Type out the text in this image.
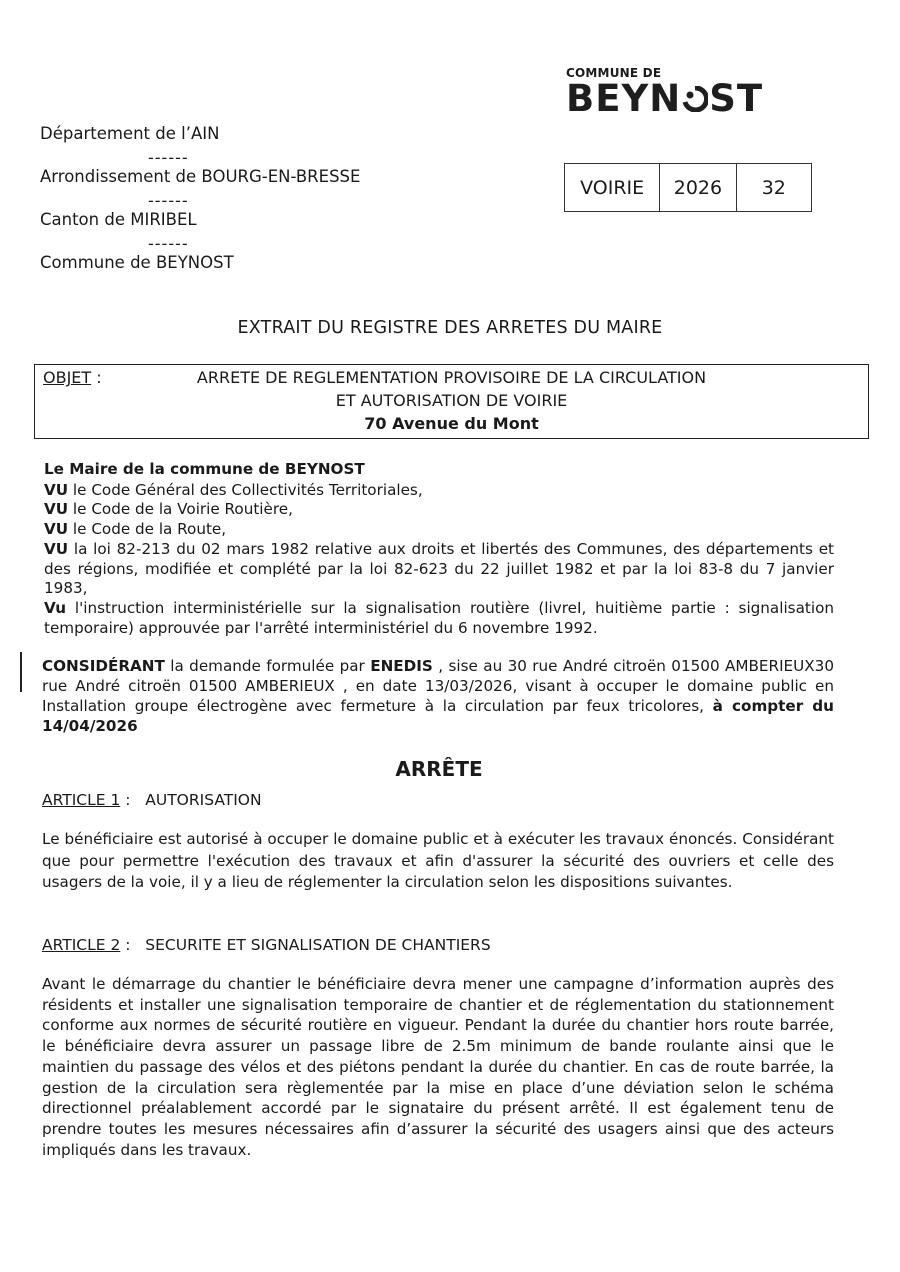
COMMUNE DE
BEYN ST
Département de l’AIN
------
Arrondissement de BOURG-EN-BRESSE
------
Canton de MIRIBEL
------
Commune de BEYNOST
VOIRIE	2026	32
EXTRAIT DU REGISTRE DES ARRETES DU MAIRE
OBJET :	ARRETE DE REGLEMENTATION PROVISOIRE DE LA CIRCULATION
ET AUTORISATION DE VOIRIE
70 Avenue du Mont
Le Maire de la commune de BEYNOST
VU le Code Général des Collectivités Territoriales,
VU le Code de la Voirie Routière,
VU le Code de la Route,
VU la loi 82-213 du 02 mars 1982 relative aux droits et libertés des Communes, des départements et des régions, modifiée et complété par la loi 82-623 du 22 juillet 1982 et par la loi 83-8 du 7 janvier 1983,
Vu l'instruction interministérielle sur la signalisation routière (livreI, huitième partie : signalisation temporaire) approuvée par l'arrêté interministériel du 6 novembre 1992.
CONSIDÉRANT la demande formulée par ENEDIS , sise au 30 rue André citroën 01500 AMBERIEUX30 rue André citroën 01500 AMBERIEUX , en date 13/03/2026, visant à occuper le domaine public en Installation groupe électrogène avec fermeture à la circulation par feux tricolores, à compter du 14/04/2026
ARRÊTE
ARTICLE 1 :   AUTORISATION
Le bénéficiaire est autorisé à occuper le domaine public et à exécuter les travaux énoncés. Considérant que pour permettre l'exécution des travaux et afin d'assurer la sécurité des ouvriers et celle des usagers de la voie, il y a lieu de réglementer la circulation selon les dispositions suivantes.
ARTICLE 2 :   SECURITE ET SIGNALISATION DE CHANTIERS
Avant le démarrage du chantier le bénéficiaire devra mener une campagne d’information auprès des résidents et installer une signalisation temporaire de chantier et de réglementation du stationnement conforme aux normes de sécurité routière en vigueur. Pendant la durée du chantier hors route barrée, le bénéficiaire devra assurer un passage libre de 2.5m minimum de bande roulante ainsi que le maintien du passage des vélos et des piétons pendant la durée du chantier. En cas de route barrée, la gestion de la circulation sera règlementée par la mise en place d’une déviation selon le schéma directionnel préalablement accordé par le signataire du présent arrêté. Il est également tenu de prendre toutes les mesures nécessaires afin d’assurer la sécurité des usagers ainsi que des acteurs impliqués dans les travaux.
